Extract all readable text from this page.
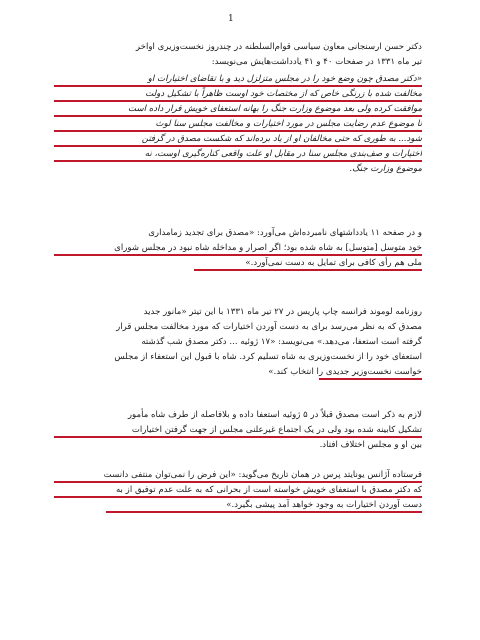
1
دکتر حسن ارسنجانی معاون سیاسی قوام‌السلطنه در چندروز نخست‌وزیری اواخر
تیر ماه ۱۳۳۱ در صفحات ۴۰ و ۴۱ یادداشت‌هایش می‌نویسد:
«دکتر مصدق چون وضع خود را در مجلس متزلزل دید و با تقاضای اختیارات او
مخالفت شده با زرنگی خاص که از مختصات خود اوست ظاهراً با تشکیل دولت
موافقت کرده ولی بعد موضوع وزارت جنگ را بهانه استعفای خویش قرار داده است
تا موضوع عدم رضایت مجلس در مورد اختیارات و مخالفت مجلس سنا لوث
شود... به طوری که حتی مخالفان او از یاد برده‌اند که شکست مصدق در گرفتن
اختیارات و صف‌بندی مجلس سنا در مقابل او علت واقعی کناره‌گیری اوست، نه
موضوع وزارت جنگ.
و در صفحه ۱۱ یادداشتهای نامبرده‌اش می‌آورد: «مصدق برای تجدید زمامداری
خود متوسل [متوسل] به شاه شده بود؛ اگر اصرار و مداخله شاه نبود در مجلس شورای
ملی هم رأی کافی برای تمایل به دست نمی‌آورد.»
روزنامه لوموند فرانسه چاپ پاریس در ۲۷ تیر ماه ۱۳۳۱ با این تیتر «مانور جدید
مصدق که به نظر می‌رسد برای به دست آوردن اختیارات که مورد مخالفت مجلس قرار
گرفته است استعفا، می‌دهد.» می‌نویسد: «۱۷ ژوئیه ... دکتر مصدق شب گذشته
استعفای خود را از نخست‌وزیری به شاه تسلیم کرد. شاه با قبول این استعفاء از مجلس
خواست نخست‌وزیر جدیدی را انتخاب کند.»
لازم به ذکر است مصدق قبلاً در ۵ ژوئیه استعفا داده و بلافاصله از طرف شاه مأمور
تشکیل کابینه شده بود ولی در یک اجتماع غیرعلنی مجلس از جهت گرفتن اختیارات
بین او و مجلس اختلاف افتاد.
فرستاده آژانس یونایتد پرس در همان تاریخ می‌گوید: «این فرض را نمی‌توان منتفی دانست
که دکتر مصدق با استعفای خویش خواسته است از بحرانی که به علت عدم توفیق از به
دست آوردن اختیارات به وجود خواهد آمد پیشی بگیرد.»
